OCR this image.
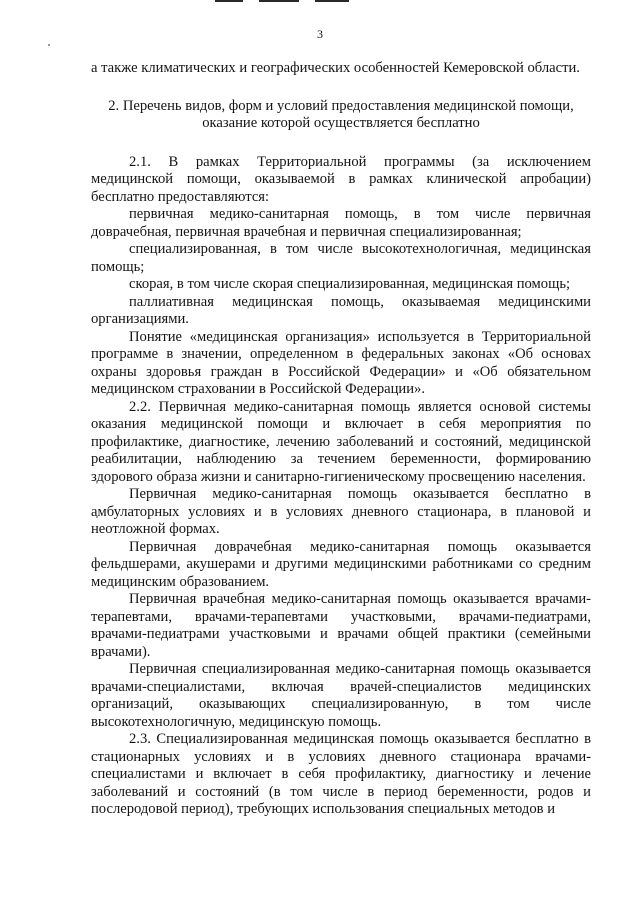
3

а также климатических и географических особенностей Кемеровской области.

2. Перечень видов, форм и условий предоставления медицинской помощи,
оказание которой осуществляется бесплатно

2.1. В рамках Территориальной программы (за исключением медицинской помощи, оказываемой в рамках клинической апробации) бесплатно предоставляются:

первичная медико-санитарная помощь, в том числе первичная доврачебная, первичная врачебная и первичная специализированная;

специализированная, в том числе высокотехнологичная, медицинская помощь;

скорая, в том числе скорая специализированная, медицинская помощь;

паллиативная медицинская помощь, оказываемая медицинскими организациями.

Понятие «медицинская организация» используется в Территориальной программе в значении, определенном в федеральных законах «Об основах охраны здоровья граждан в Российской Федерации» и «Об обязательном медицинском страховании в Российской Федерации».

2.2. Первичная медико-санитарная помощь является основой системы оказания медицинской помощи и включает в себя мероприятия по профилактике, диагностике, лечению заболеваний и состояний, медицинской реабилитации, наблюдению за течением беременности, формированию здорового образа жизни и санитарно-гигиеническому просвещению населения.

Первичная медико-санитарная помощь оказывается бесплатно в амбулаторных условиях и в условиях дневного стационара, в плановой и неотложной формах.

Первичная доврачебная медико-санитарная помощь оказывается фельдшерами, акушерами и другими медицинскими работниками со средним медицинским образованием.

Первичная врачебная медико-санитарная помощь оказывается врачами-терапевтами, врачами-терапевтами участковыми, врачами-педиатрами, врачами-педиатрами участковыми и врачами общей практики (семейными врачами).

Первичная специализированная медико-санитарная помощь оказывается врачами-специалистами, включая врачей-специалистов медицинских организаций, оказывающих специализированную, в том числе высокотехнологичную, медицинскую помощь.

2.3. Специализированная медицинская помощь оказывается бесплатно в стационарных условиях и в условиях дневного стационара врачами-специалистами и включает в себя профилактику, диагностику и лечение заболеваний и состояний (в том числе в период беременности, родов и послеродовой период), требующих использования специальных методов и
